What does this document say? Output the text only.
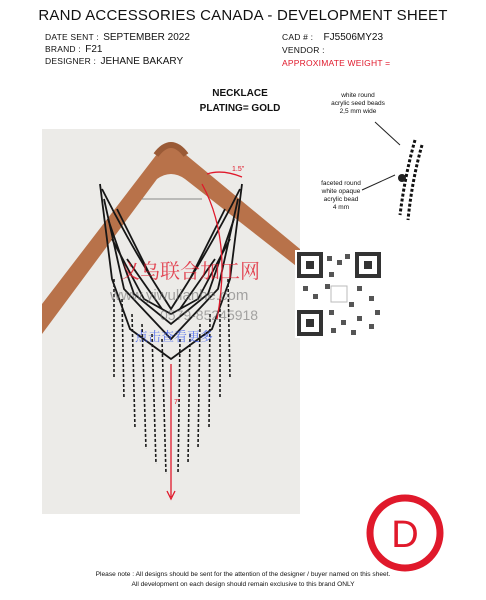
RAND ACCESSORIES CANADA - DEVELOPMENT SHEET
DATE SENT : SEPTEMBER 2022
BRAND : F21
DESIGNER : JEHANE BAKARY
CAD # : FJ5506MY23
VENDOR :
APPROXIMATE WEIGHT =
NECKLACE
PLATING= GOLD
1.5"
7"
white round
acrylic seed beads
2,5 mm wide
faceted round
white opaque
acrylic bead
4 mm
义乌联合加工网
www.yiwulianhe.com
0579-85245918
点击查看更多
D
Please note : All designs should be sent for the attention of the designer / buyer named on this sheet.
All development on each design should remain exclusive to this brand ONLY
